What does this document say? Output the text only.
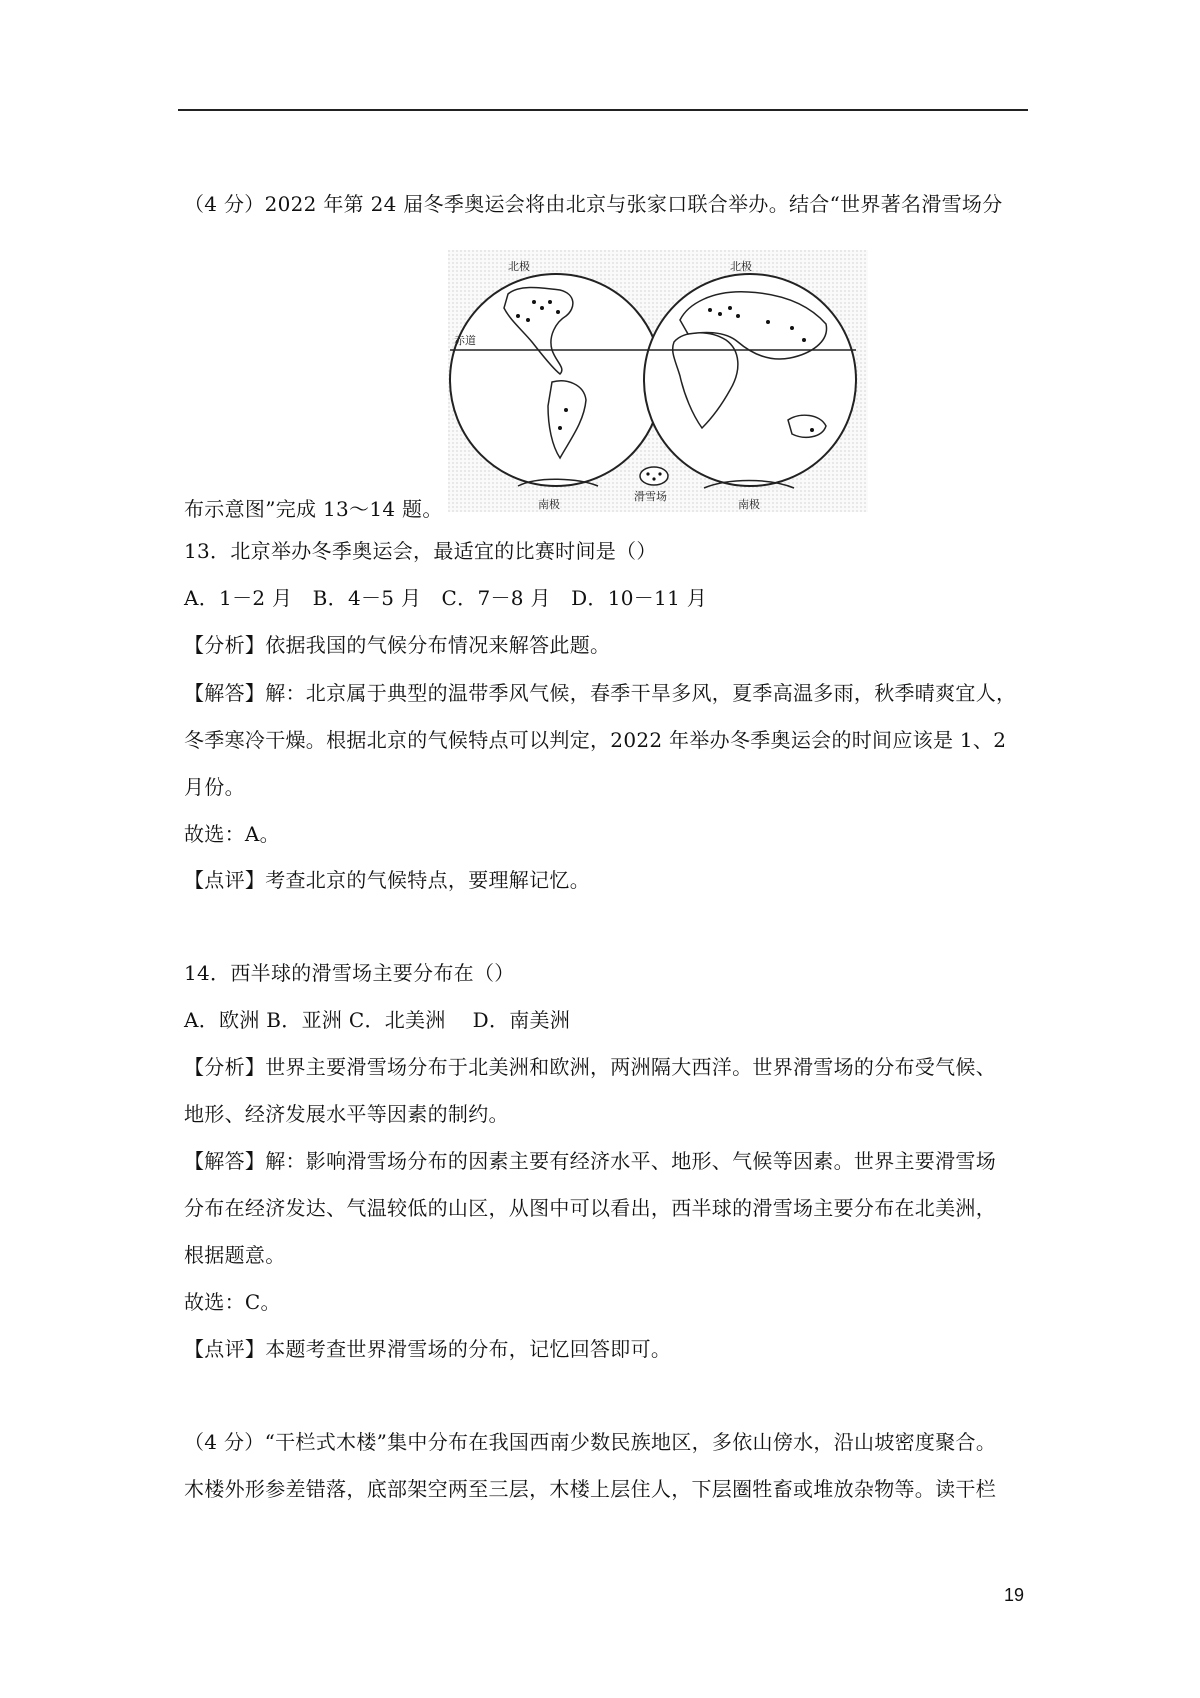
（4 分）2022 年第 24 届冬季奥运会将由北京与张家口联合举办。结合“世界著名滑雪场分
北极	北极
赤道
南极	南极
滑雪场
布示意图”完成 13～14 题。
13．北京举办冬季奥运会，最适宜的比赛时间是（）
A．1－2 月　B．4－5 月　C．7－8 月　D．10－11 月
【分析】依据我国的气候分布情况来解答此题。
【解答】解：北京属于典型的温带季风气候，春季干旱多风，夏季高温多雨，秋季晴爽宜人，
冬季寒冷干燥。根据北京的气候特点可以判定，2022 年举办冬季奥运会的时间应该是 1、2
月份。
故选：A。
【点评】考查北京的气候特点，要理解记忆。
14．西半球的滑雪场主要分布在（）
A．欧洲 B．亚洲 C．北美洲　 D．南美洲
【分析】世界主要滑雪场分布于北美洲和欧洲，两洲隔大西洋。世界滑雪场的分布受气候、
地形、经济发展水平等因素的制约。
【解答】解：影响滑雪场分布的因素主要有经济水平、地形、气候等因素。世界主要滑雪场
分布在经济发达、气温较低的山区，从图中可以看出，西半球的滑雪场主要分布在北美洲，
根据题意。
故选：C。
【点评】本题考查世界滑雪场的分布，记忆回答即可。
（4 分）“干栏式木楼”集中分布在我国西南少数民族地区，多依山傍水，沿山坡密度聚合。
木楼外形参差错落，底部架空两至三层，木楼上层住人，下层圈牲畜或堆放杂物等。读干栏
19
